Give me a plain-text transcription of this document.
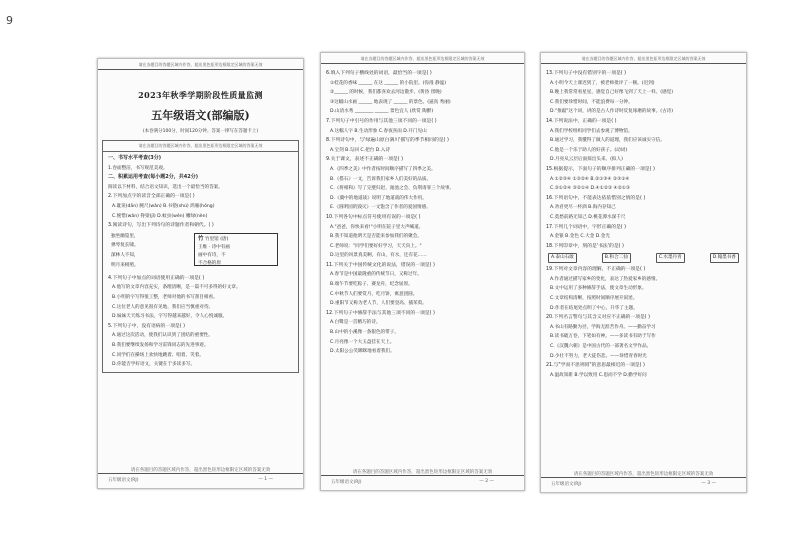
9
请在各题目的答题区域内作答，超出黑色矩形边框限定区域的答案无效
2023年秋季学期阶段性质量监测
五年级语文(部编版)
(本卷满分100分，时间120分钟。答案一律写在答题卡上)
请在各题目的答题区域内作答，超出黑色矩形边框限定区域的答案无效
一、书写水平考查(3分)
1.卷面整洁，书写规范美观。
二、积累运用考查(每小题2分，共42分)
阅读以下材料，结合语文知识，选出一个最恰当的答案。
2.下列加点字的读音全部正确的一项是( )
A.耽误(dān) 腕尺(wǎn) B.书塾(shú) 鸿雁(hóng)
C.惋惜(wǎn) 脊梁(jǐ) D.蚊虫(wén) 嫩绿(nèn)
3.阅读诗句，写出下列诗句的诗题作者和朝代。( )
独坐幽篁里，
弹琴复长啸。
深林人不知，
明月来相照。
竹 竹里馆 (唐)
王维 · 诗中有画
画中有诗，不
不合格的原
4.下列句子中加点的词语使用正确的一项是( )
A.他写的文章内容充实，条理清晰，是一篇不可多得的好文章。
B.小明的字写得很工整，老师对他的书写刮目相看。
C.这位老人的意见很有见地，我们应当慎重对待。
D.妹妹天天练习书法，字写得越来越好，令人心悦诚服。
5.下列句子中，没有语病的一项是( )
A.通过这次活动，使我们认识到了团结的重要性。
B.我们要继续发扬和学习雷锋同志的先进事迹。
C.同学们在操场上欢快地跳着、唱着、笑着。
D.你能否学好语文，关键在于多读多写。
请在各题目的答题区域内作答，超出黑色矩形边框限定区域的答案无效
五年级语文(RJ)	— 1 —
请在各题目的答题区域内作答，超出黑色矩形边框限定区域的答案无效
6.填入下列句子横线处的词语，最恰当的一项是( )
①桂花的香味 ______ 在这 ______ 的小院里。(弥漫 静谧)
②______ 的时候，我们都喜欢去河边散步。(黄昏 傍晚)
③这幅山水画 ______ 地表现了 ______ 的景色。(逼真 秀丽)
D.山清水秀 ________ ______ 景色宜人 (欣赏 陶醉)
7.下列句子中引号的作用与其他三项不同的一项是( )
A.这幅人字 B.生动形象 C.春夜喜雨 D.开门见山
8.下列诗句中，与'绿遍山原白满川'描写的季节相同的是( )
A.宝剑 B.勾回 C.把台 D.入诗
9.关于课文，表述不正确的一项是( )
A.《四季之美》中作者按时间顺序描写了四季之美。
B.《搭石》一文，告诉我们家乡人们美好的品质。
C.《将相和》写了完璧归赵、渑池之会、负荆请罪三个故事。
D.《冀中的地道战》说明了地道战的伟大作用。
E.《圆明园的毁灭》一文饱含了作者的爱国情感。
10.下列各句中标点符号使用有误的一项是( )
A."爸爸，你快来看!"小明在院子里大声喊道。
B.我不知道他明天是否能来参加我们的聚会。
C.老师说："同学们要好好学习，天天向上。"
D.这里的风景真美啊，有山，有水，还有花……
11.下列关于中国传统文化的说法，错误的一项是( )
A.春节是中国最隆重的传统节日，又称过年。
B.端午节要吃粽子、赛龙舟，纪念屈原。
C.中秋节人们要赏月、吃月饼，寓意团圆。
D.重阳节又称为老人节，人们要登高、插茱萸。
12.下列句子中修辞手法与其他三项不同的一项是( )
A.白鹭是一首精巧的诗。
B.山中的小溪像一条银色的带子。
C.月亮像一个大玉盘挂在天上。
D.太阳公公笑眯眯地看着我们。
请在各题目的答题区域内作答，超出黑色矩形边框限定区域的答案无效
五年级语文(RJ)	— 2 —
请在各题目的答题区域内作答，超出黑色矩形边框限定区域的答案无效
13.下列句子中没有错别字的一项是( )
A.小明今天上课迟到了，被老师批评了一顿。(迟到)
B.晚上我常常看星星，感觉自己好像飞到了天上一样。(感觉)
C.我们要珍惜时间，不能浪费每一分钟。
D."推敲"这个词，讲的是古人作诗时反复琢磨的故事。(古诗)
14.下列说法中，正确的一项是( )
A.我们学校组织同学们去参观了博物馆。
B.通过学习，我懂得了做人的道理，我们应该诚实守信。
C.他是一个乐于助人的好孩子。(动词)
D.月亮从云层后面探出头来。(拟人)
15.根据提示，下面句子的顺序排列正确的一项是( )
A.①②③④ ①③②④ B.②①③④ ②③①④
C.③①②④ ③②①④ D.④①②③ ④②①③
16.下列语句中，不能表达依依惜别之情的是( )
A.劝君更尽一杯酒 B.海内存知己
C.莫愁前路无知己 D.桃花潭水深千尺
17.下列几个词语中，字形正确的是( )
A.金银 B.金色 C.大金 D.金光
18.下列印章中，刻的是'书法'的是( )
A.泰山石敢	B.和合二仙	C.水墨丹青	D.翰墨书香
19.下列对文章内容的理解，不正确的一项是( )
A.作者通过描写家乡的变化，表达了热爱家乡的感情。
B.文中运用了多种修辞手法，使文章生动形象。
C.文章结构清晰，按照时间顺序展开叙述。
D.作者在结尾处点明了中心，升华了主题。
20.下列名言警句与其含义对应不正确的一项是( )
A.书山有路勤为径，学海无涯苦作舟。——勤奋学习
B.读书破万卷，下笔如有神。——多读书有助于写作
C.《汉魏六朝》是中国古代的一部著名文学作品。
D.少壮不努力，老大徒伤悲。——珍惜青春时光
21.与"学而不思则罔"的意思最相近的一项是( )
A.温故知新 B.学以致用 C.思而不学 D.勤学好问
请在各题目的答题区域内作答，超出黑色矩形边框限定区域的答案无效
五年级语文(RJ)	— 3 —
